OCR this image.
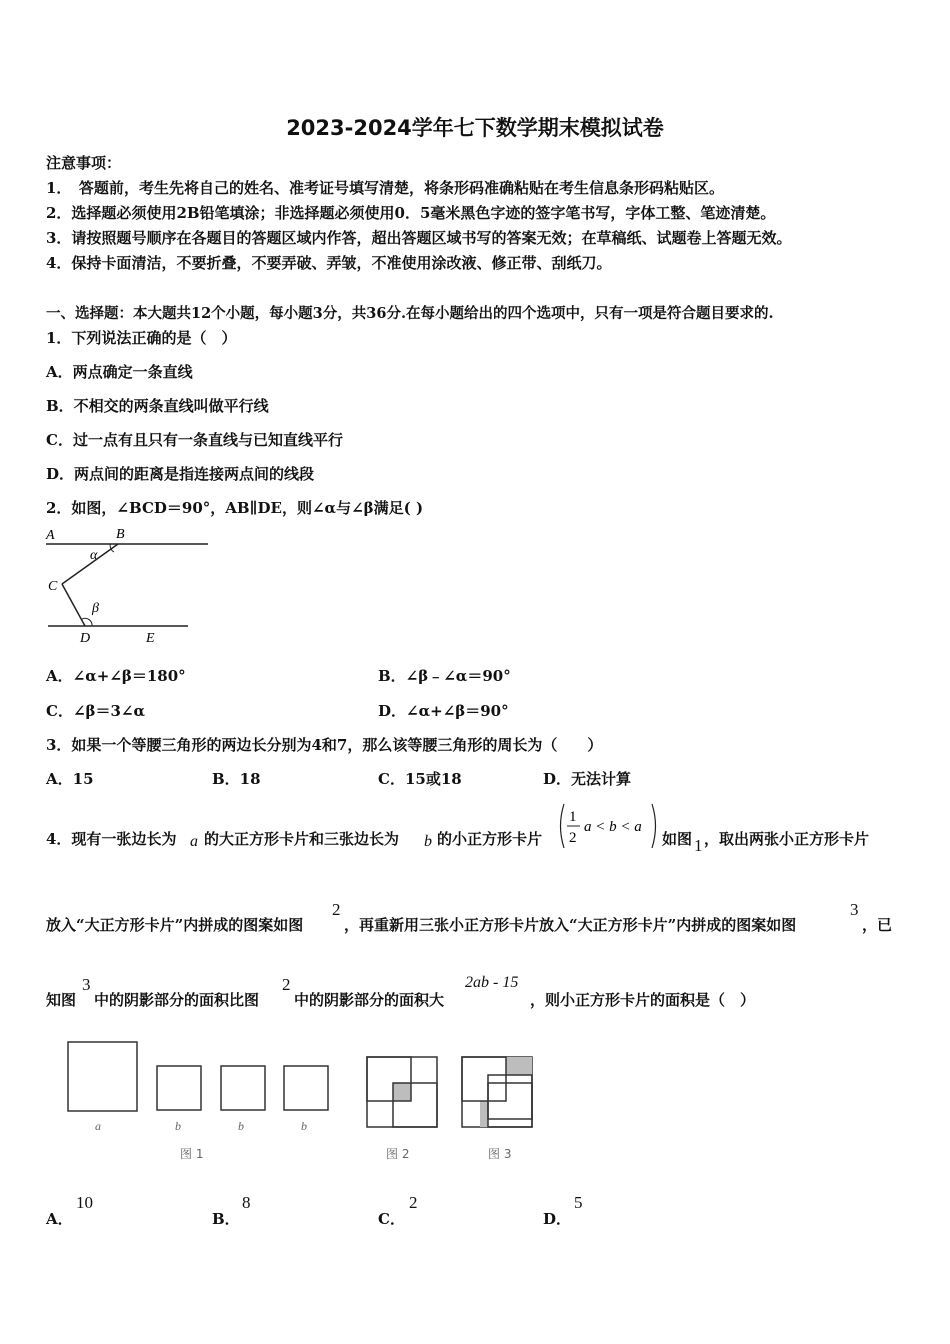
2023-2024学年七下数学期末模拟试卷
注意事项：
1．　答题前，考生先将自己的姓名、准考证号填写清楚，将条形码准确粘贴在考生信息条形码粘贴区。
2．选择题必须使用2B铅笔填涂；非选择题必须使用0．5毫米黑色字迹的签字笔书写，字体工整、笔迹清楚。
3．请按照题号顺序在各题目的答题区域内作答，超出答题区域书写的答案无效；在草稿纸、试题卷上答题无效。
4．保持卡面清洁，不要折叠，不要弄破、弄皱，不准使用涂改液、修正带、刮纸刀。
一、选择题：本大题共12个小题，每小题3分，共36分.在每小题给出的四个选项中，只有一项是符合题目要求的.
1．下列说法正确的是（　）
A．两点确定一条直线
B．不相交的两条直线叫做平行线
C．过一点有且只有一条直线与已知直线平行
D．两点间的距离是指连接两点间的线段
2．如图，∠BCD＝90°，AB∥DE，则∠α与∠β满足( )
A	B
C
D	E
α
β
A．∠α+∠β＝180°	B．∠β﹣∠α＝90°
C．∠β＝3∠α	D．∠α+∠β＝90°
3．如果一个等腰三角形的两边长分别为4和7，那么该等腰三角形的周长为（　　）
A．15	B．18	C．15或18	D．无法计算
4．现有一张边长为 a 的大正方形卡片和三张边长为 b 的小正方形卡片
1
2
a < b < a
如图 1 ，取出两张小正方形卡片
放入“大正方形卡片”内拼成的图案如图
2
，再重新用三张小正方形卡片放入“大正方形卡片”内拼成的图案如图
3
，已
知图
3
中的阴影部分的面积比图
2
中的阴影部分的面积大
2ab - 15
，则小正方形卡片的面积是（　）
a	b	b	b
图 1	图 2	图 3
A．
10
B．
8
C．
2
D．
5
